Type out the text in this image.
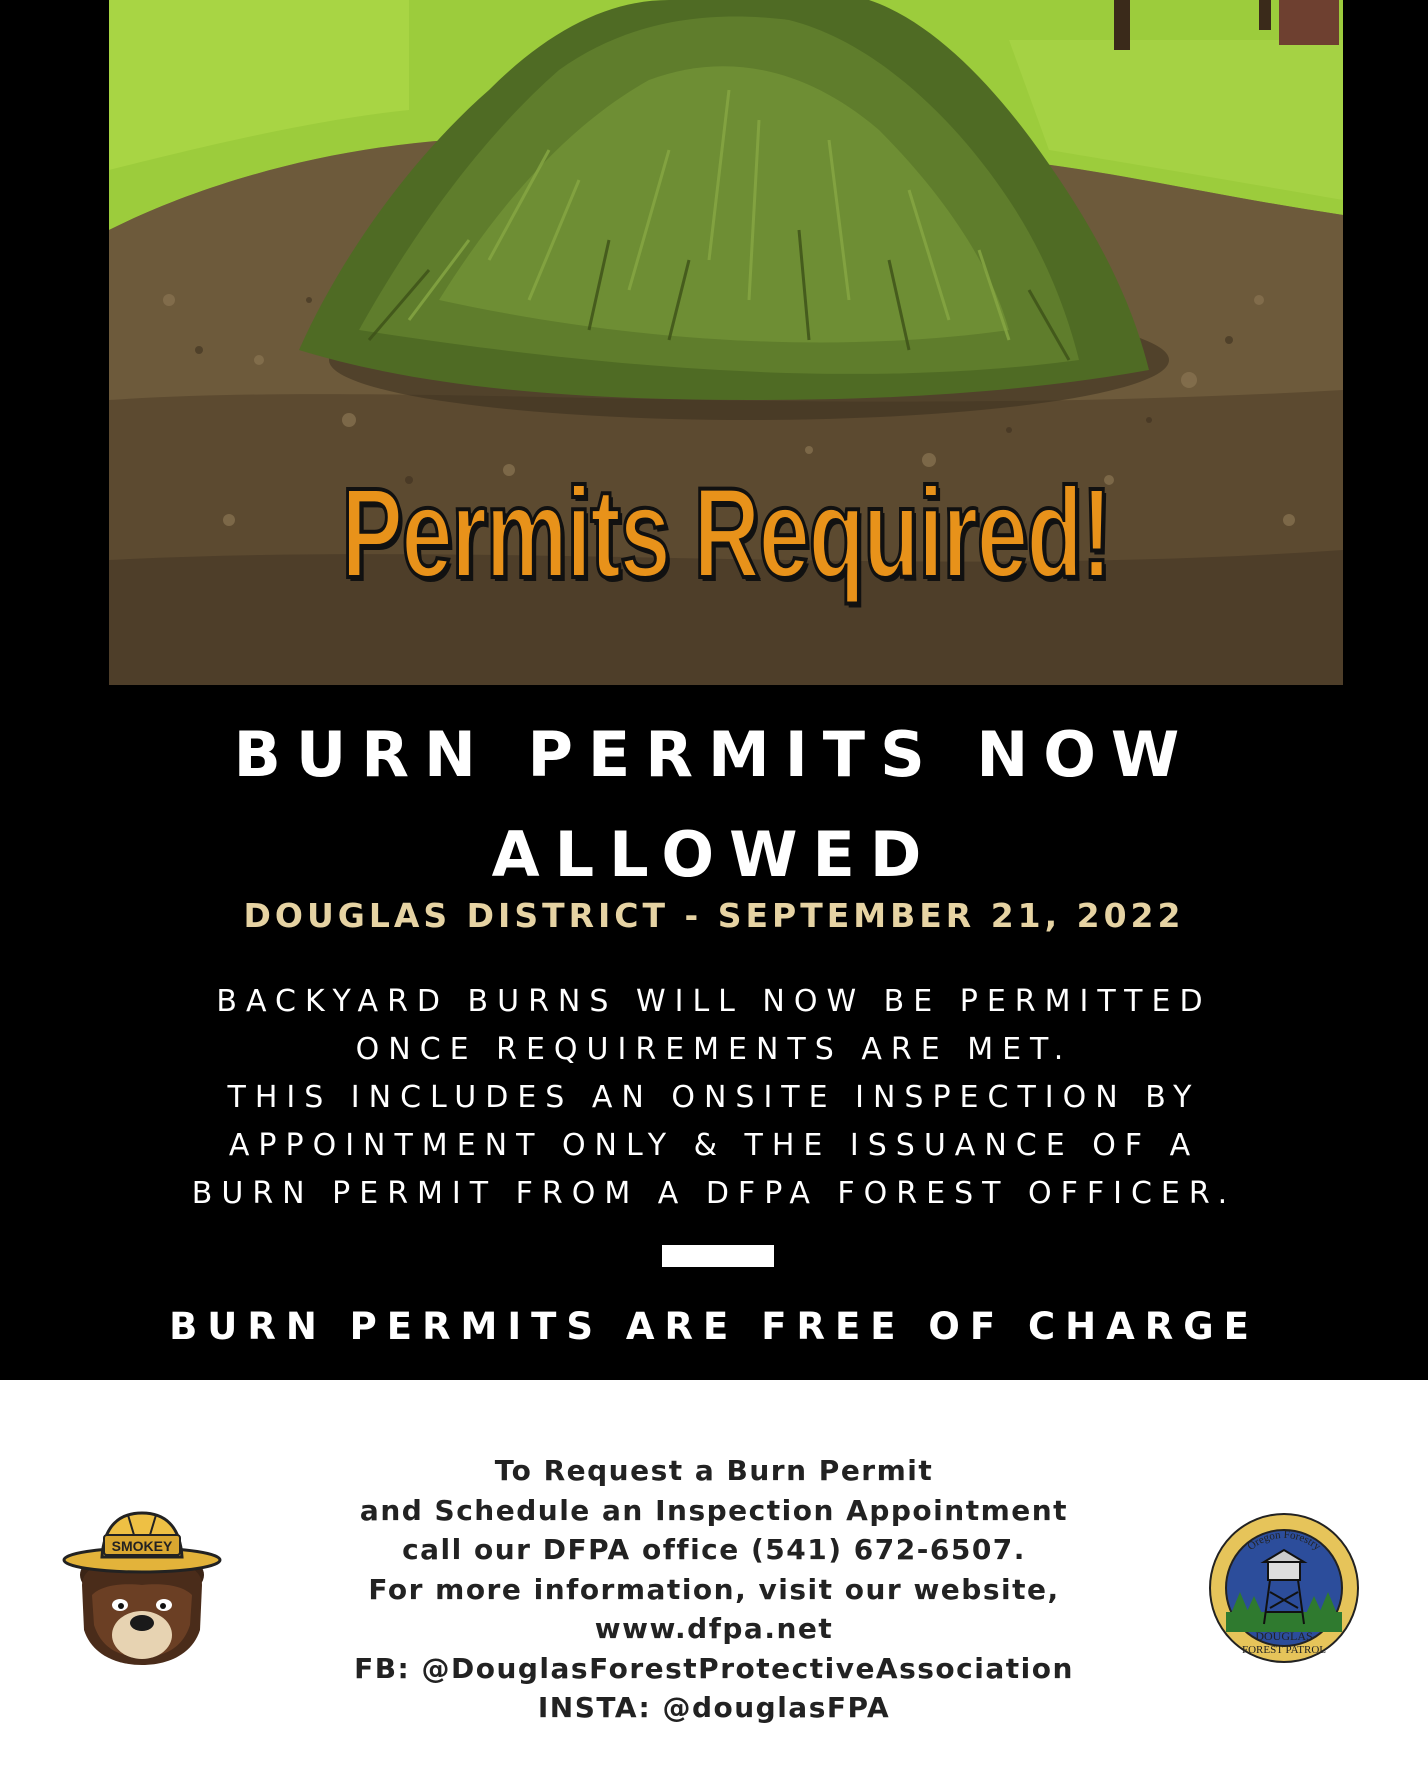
Permits Required!
BURN PERMITS NOW
ALLOWED
DOUGLAS DISTRICT - SEPTEMBER 21, 2022
BACKYARD BURNS WILL NOW BE PERMITTED
ONCE REQUIREMENTS ARE MET.
THIS INCLUDES AN ONSITE INSPECTION BY
APPOINTMENT ONLY & THE ISSUANCE OF A
BURN PERMIT FROM A DFPA FOREST OFFICER.
BURN PERMITS ARE FREE OF CHARGE
To Request a Burn Permit
and Schedule an Inspection Appointment
call our DFPA office (541) 672-6507.
For more information, visit our website,
www.dfpa.net
FB: @DouglasForestProtectiveAssociation
INSTA: @douglasFPA
SMOKEY	Oregon Forestry
DOUGLAS
FOREST PATROL
